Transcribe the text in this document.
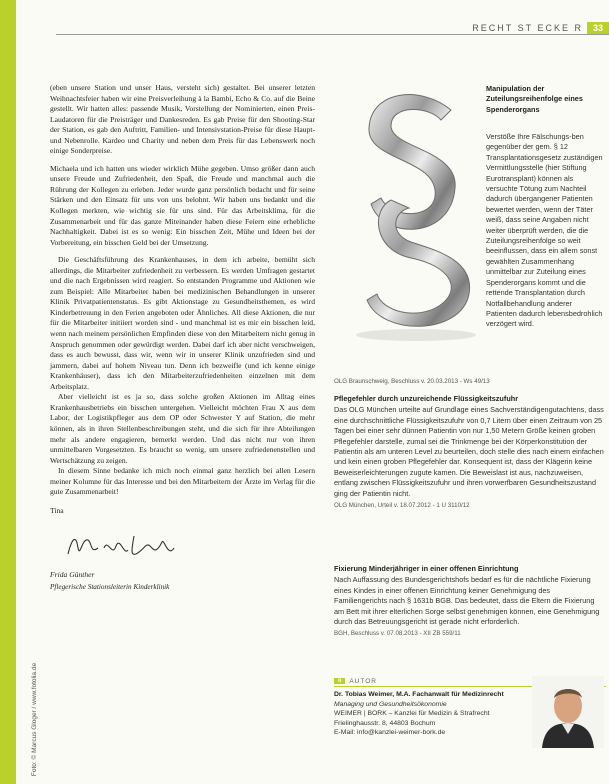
RECHT ST ECKE R	33

(eben unsere Station und unser Haus, versteht sich) gestaltet. Bei unserer letzten Weihnachtsfeier haben wir eine Preisverleihung à la Bambi, Echo & Co. auf die Beine gestellt. Wir hatten alles: passende Musik, Vorstellung der Nominierten, einen Preis-Laudatoren für die Preisträger und Dankesreden. Es gab Preise für den Shooting-Star der Station, es gab den Auftritt, Familien- und Intensivstation-Preise für diese Haupt- und Nebenrolle. Kardeo und Charity und neben dem Preis für das Lebenswerk noch einige Sonderpreise.

Michaela und ich hatten uns wieder wirklich Mühe gegeben. Umso größer dann auch unsere Freude und Zufriedenheit, den Spaß, die Freude und manchmal auch die Rührung der Kollegen zu erleben. Jeder wurde ganz persönlich bedacht und für seine Stärken und den Einsatz für uns von uns belohnt. Wir haben uns bedankt und die Kollegen merkten, wie wichtig sie für uns sind. Für das Arbeitsklima, für die Zusammenarbeit und für das ganze Miteinander haben diese Feiern eine erhebliche Nachhaltigkeit. Dabei ist es so wenig: Ein bisschen Zeit, Mühe und Ideen bei der Vorbereitung, ein bisschen Geld bei der Umsetzung.

Die Geschäftsführung des Krankenhauses, in dem ich arbeite, bemüht sich allerdings, die Mitarbeiter zufriedenheit zu verbessern. Es werden Umfragen gestartet und die nach Ergebnissen wird reagiert. So entstanden Programme und Aktionen wie zum Beispiel: Alle Mitarbeiter haben bei medizinischen Behandlungen in unserer Klinik Privatpatientenstatus. Es gibt Aktionstage zu Gesundheitsthemen, es wird Kinderbetreuung in den Ferien angeboten oder Ähnliches. All diese Aktionen, die nur für die Mitarbeiter initiiert worden sind - und manchmal ist es mir ein bisschen leid, wenn nach meinem persönlichen Empfinden diese von den Mitarbeitern nicht genug in Anspruch genommen oder gewürdigt werden. Dabei darf ich aber nicht verschweigen, dass es auch bewusst, dass wir, wenn wir in unserer Klinik unzufrieden sind und jammern, dabei auf hohem Niveau tun. Denn ich bezweifle (und ich kenne einige Krankenhäuser), dass ich den Mitarbeiterzufriedenheiten einzelnen mit dem Arbeitsplatz.

Aber vielleicht ist es ja so, dass solche großen Aktionen im Alltag eines Krankenhausbetriebs ein bisschen untergehen. Vielleicht möchten Frau X aus dem Labor, der Logistikpfleger aus dem OP oder Schwester Y auf Station, die mehr können, als in ihren Stellenbeschreibungen steht, und die sich für ihre Abteilungen mehr als andere engagieren, bemerkt werden. Und das nicht nur von ihren unmittelbaren Vorgesetzten. Es braucht so wenig, um unsere zufriedenenstellen und Wertschätzung zu zeigen.

In diesem Sinne bedanke ich mich noch einmal ganz herzlich bei allen Lesern meiner Kolumne für das Interesse und bei den Mitarbeitern der Ärzte im Verlag für die gute Zusammenarbeit!

Tina

Frida Günther
Pflegerische Stationsleiterin Kinderklinik
Foto: © Marcus Gloger / www.fotolia.de
Manipulation der Zuteilungsreihenfolge eines Spenderorgans
Verstöße Ihre Fälschungs-ben gegenüber der gem. § 12 Transplantationsgesetz zuständigen Vermittlungsstelle (hier Stiftung Eurotransplant) können als versuchte Tötung zum Nachteil dadurch übergangener Patienten bewertet werden, wenn der Täter weiß, dass seine Angaben nicht weiter überprüft werden, die die Zuteilungsreihenfolge so weit beeinflussen, dass ein allem sonst gewählten Zusammenhang unmittelbar zur Zuteilung eines Spenderorgans kommt und die rettende Transplantation durch Notfallbehandlung anderer Patienten dadurch lebensbedrohlich verzögert wird.
OLG Braunschweig, Beschluss v. 20.03.2013 - Ws 49/13
Pflegefehler durch unzureichende Flüssigkeitszufuhr
Das OLG München urteilte auf Grundlage eines Sachverständigengutachtens, dass eine durchschnittliche Flüssigkeitszufuhr von 0,7 Litern über einen Zeitraum von 25 Tagen bei einer sehr dünnen Patientin von nur 1,50 Metern Größe keinen groben Pflegefehler darstelle, zumal sei die Trinkmenge bei der Körperkonstitution der Patientin als am unteren Level zu beurteilen, doch stelle dies nach einem einfachen und kein einen groben Pflegefehler dar. Konsequent ist, dass der Klägerin keine Beweiserleichterungen zugute kamen. Die Beweislast ist aus, nachzuweisen, entlang zwischen Flüssigkeitszufuhr und ihren vorwerfbaren Gesundheitszustand ging der Patientin nicht.
OLG München, Urteil v. 18.07.2012 - 1 U 3110/12
Fixierung Minderjähriger in einer offenen Einrichtung
Nach Auffassung des Bundesgerichtshofs bedarf es für die nächtliche Fixierung eines Kindes in einer offenen Einrichtung keiner Genehmigung des Familiengerichts nach § 1631b BGB. Das bedeutet, dass die Eltern die Fixierung am Bett mit ihrer elterlichen Sorge selbst genehmigen können, eine Genehmigung durch das Betreuungsgericht ist gerade nicht erforderlich.
BGH, Beschluss v. 07.08.2013 - XII ZB 559/11
ii	AUTOR
Dr. Tobias Weimer, M.A. Fachanwalt für Medizinrecht
Managing und Gesundheitsökonomie
WEIMER | BORK – Kanzlei für Medizin & Strafrecht
Frielinghausstr. 8, 44803 Bochum
E-Mail: info@kanzlei-weimer-bork.de
